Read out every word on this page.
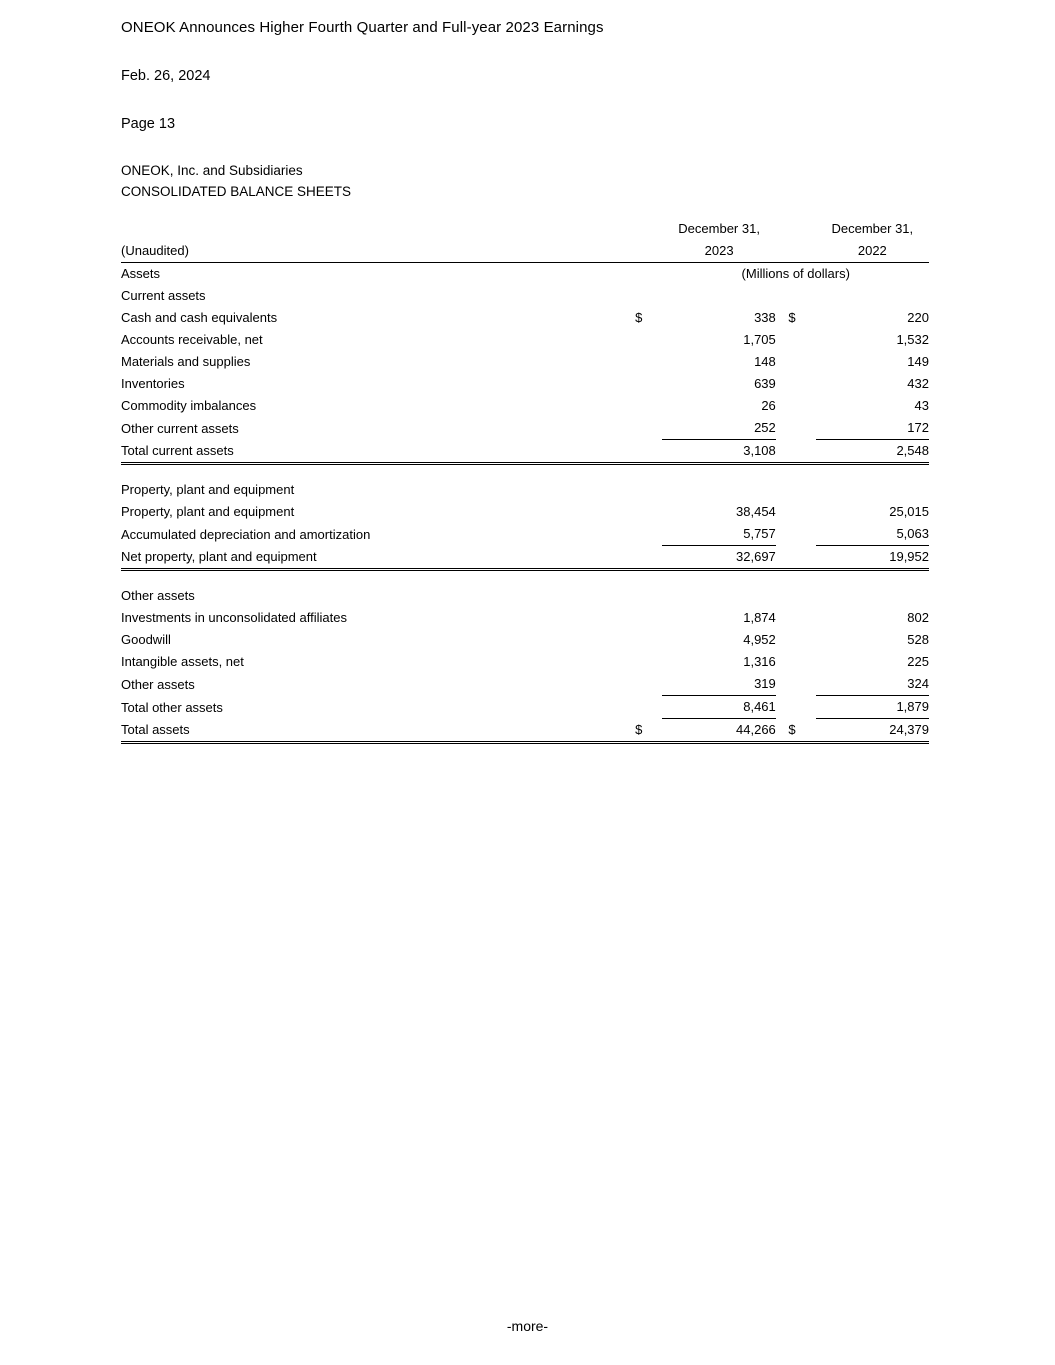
ONEOK Announces Higher Fourth Quarter and Full-year 2023 Earnings
Feb. 26, 2024
Page 13
ONEOK, Inc. and Subsidiaries
CONSOLIDATED BALANCE SHEETS
		December 31,			December 31,
(Unaudited)		2023			2022
Assets		(Millions of dollars)			
Current assets					
Cash and cash equivalents	$	338		$	220
Accounts receivable, net		1,705			1,532
Materials and supplies		148			149
Inventories		639			432
Commodity imbalances		26			43
Other current assets		252			172
Total current assets		3,108			2,548

Property, plant and equipment					
Property, plant and equipment		38,454			25,015
Accumulated depreciation and amortization		5,757			5,063
Net property, plant and equipment		32,697			19,952

Other assets					
Investments in unconsolidated affiliates		1,874			802
Goodwill		4,952			528
Intangible assets, net		1,316			225
Other assets		319			324
Total other assets		8,461			1,879
Total assets	$	44,266		$	24,379
-more-
